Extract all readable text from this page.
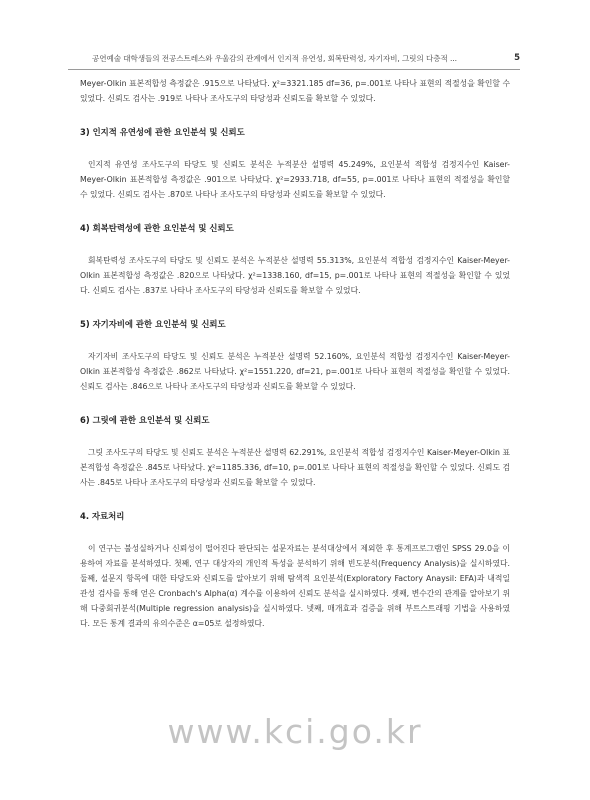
공연예술 대학생들의 전공스트레스와 우울감의 관계에서 인지적 유연성, 회복탄력성, 자기자비, 그릿의 다층적 ...	5

Meyer-Olkin 표본적합성 측정값은 .915으로 나타났다. χ²=3321.185 df=36, p=.001로 나타나 표현의 적절성을 확인할 수 있었다. 신뢰도 검사는 .919로 나타나 조사도구의 타당성과 신뢰도를 확보할 수 있었다.

3) 인지적 유연성에 관한 요인분석 및 신뢰도

인지적 유연성 조사도구의 타당도 및 신뢰도 분석은 누적분산 설명력 45.249%, 요인분석 적합성 검정지수인 Kaiser- Meyer-Olkin 표본적합성 측정값은 .901으로 나타났다. χ²=2933.718, df=55, p=.001로 나타나 표현의 적절성을 확인할 수 있었다. 신뢰도 검사는 .870로 나타나 조사도구의 타당성과 신뢰도를 확보할 수 있었다.

4) 회복탄력성에 관한 요인분석 및 신뢰도

회복탄력성 조사도구의 타당도 및 신뢰도 분석은 누적분산 설명력 55.313%, 요인분석 적합성 검정지수인 Kaiser-Meyer-Olkin 표본적합성 측정값은 .820으로 나타났다. χ²=1338.160, df=15, p=.001로 나타나 표현의 적절성을 확인할 수 있었다. 신뢰도 검사는 .837로 나타나 조사도구의 타당성과 신뢰도를 확보할 수 있었다.

5) 자기자비에 관한 요인분석 및 신뢰도

자기자비 조사도구의 타당도 및 신뢰도 분석은 누적분산 설명력 52.160%, 요인분석 적합성 검정지수인 Kaiser-Meyer-Olkin 표본적합성 측정값은 .862로 나타났다. χ²=1551.220, df=21, p=.001로 나타나 표현의 적절성을 확인할 수 있었다. 신뢰도 검사는 .846으로 나타나 조사도구의 타당성과 신뢰도를 확보할 수 있었다.

6) 그릿에 관한 요인분석 및 신뢰도

그릿 조사도구의 타당도 및 신뢰도 분석은 누적분산 설명력 62.291%, 요인분석 적합성 검정지수인 Kaiser-Meyer-Olkin 표본적합성 측정값은 .845로 나타났다. χ²=1185.336, df=10, p=.001로 나타나 표현의 적절성을 확인할 수 있었다. 신뢰도 검사는 .845로 나타나 조사도구의 타당성과 신뢰도를 확보할 수 있었다.

4. 자료처리

이 연구는 불성실하거나 신뢰성이 떨어진다 판단되는 설문자료는 분석대상에서 제외한 후 통계프로그램인 SPSS 29.0을 이용하여 자료를 분석하였다. 첫째, 연구 대상자의 개인적 특성을 분석하기 위해 빈도분석(Frequency Analysis)을 실시하였다. 둘째, 설문지 항목에 대한 타당도와 신뢰도를 알아보기 위해 탐색적 요인분석(Exploratory Factory Anaysil: EFA)과 내적일관성 검사를 통해 얻은 Cronbach's Alpha(α) 계수를 이용하여 신뢰도 분석을 실시하였다. 셋째, 변수간의 관계를 알아보기 위해 다중회귀분석(Multiple regression analysis)을 실시하였다. 넷째, 매개효과 검증을 위해 부트스트래핑 기법을 사용하였다. 모든 통계 결과의 유의수준은 α=05로 설정하였다.

www.kci.go.kr
